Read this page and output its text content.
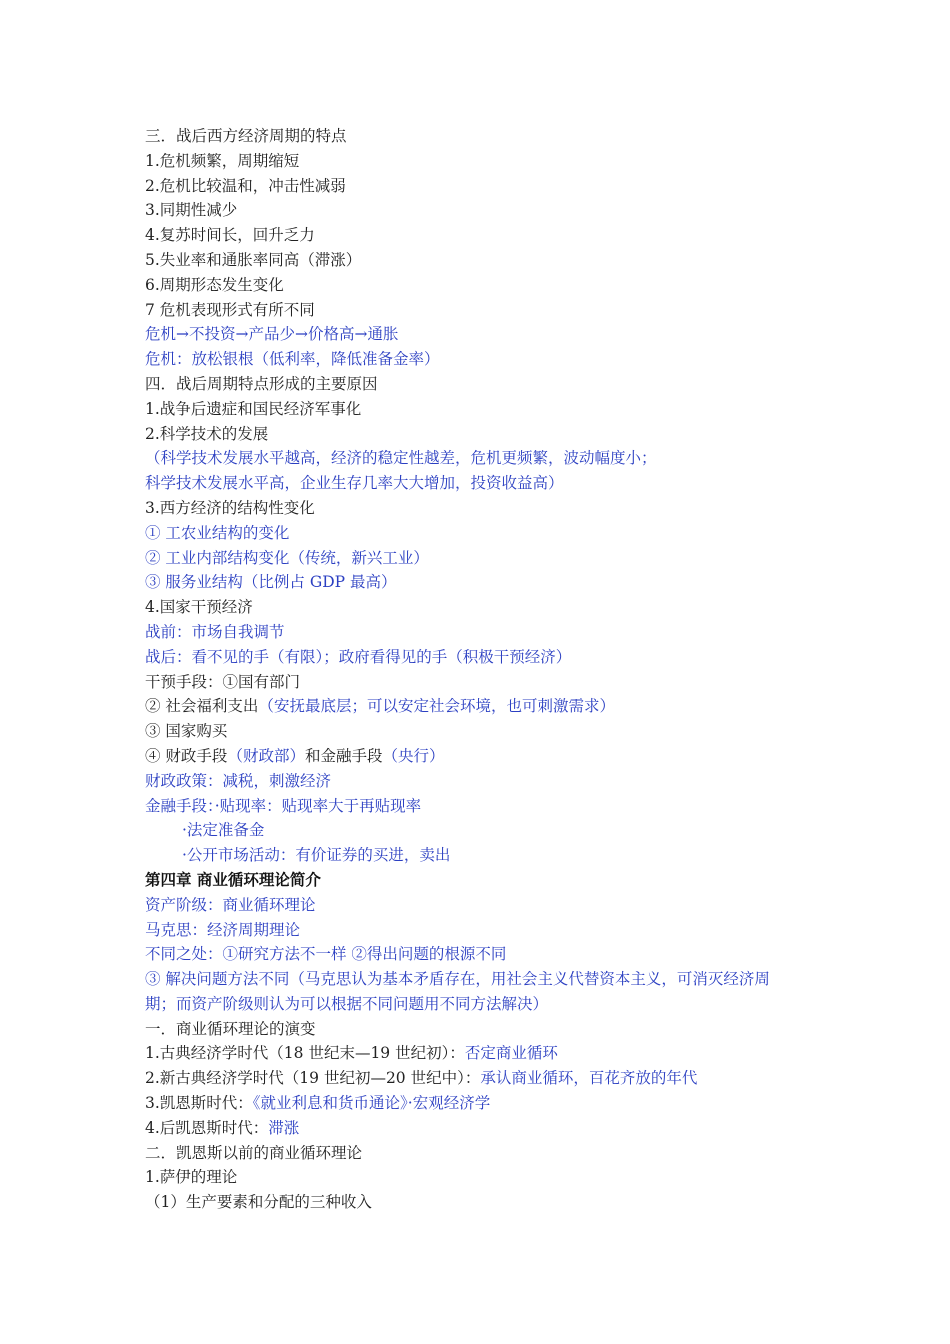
三．战后西方经济周期的特点
1.危机频繁，周期缩短
2.危机比较温和，冲击性减弱
3.同期性减少
4.复苏时间长，回升乏力
5.失业率和通胀率同高（滞涨）
6.周期形态发生变化
7 危机表现形式有所不同
危机→不投资→产品少→价格高→通胀
危机：放松银根（低利率，降低准备金率）
四．战后周期特点形成的主要原因
1.战争后遗症和国民经济军事化
2.科学技术的发展
（科学技术发展水平越高，经济的稳定性越差，危机更频繁，波动幅度小；
科学技术发展水平高，企业生存几率大大增加，投资收益高）
3.西方经济的结构性变化
① 工农业结构的变化
② 工业内部结构变化（传统，新兴工业）
③ 服务业结构（比例占 GDP 最高）
4.国家干预经济
战前：市场自我调节
战后：看不见的手（有限）；政府看得见的手（积极干预经济）
干预手段：①国有部门
② 社会福利支出（安抚最底层；可以安定社会环境，也可刺激需求）
③ 国家购买
④ 财政手段（财政部）和金融手段（央行）
财政政策：减税，刺激经济
金融手段：·贴现率：贴现率大于再贴现率
·法定准备金
·公开市场活动：有价证券的买进，卖出
第四章 商业循环理论简介
资产阶级：商业循环理论
马克思：经济周期理论
不同之处：①研究方法不一样 ②得出问题的根源不同
③ 解决问题方法不同（马克思认为基本矛盾存在，用社会主义代替资本主义，可消灭经济周
期；而资产阶级则认为可以根据不同问题用不同方法解决）
一．商业循环理论的演变
1.古典经济学时代（18 世纪末—19 世纪初）：否定商业循环
2.新古典经济学时代（19 世纪初—20 世纪中）：承认商业循环，百花齐放的年代
3.凯恩斯时代：《就业利息和货币通论》·宏观经济学
4.后凯恩斯时代：滞涨
二．凯恩斯以前的商业循环理论
1.萨伊的理论
（1）生产要素和分配的三种收入
